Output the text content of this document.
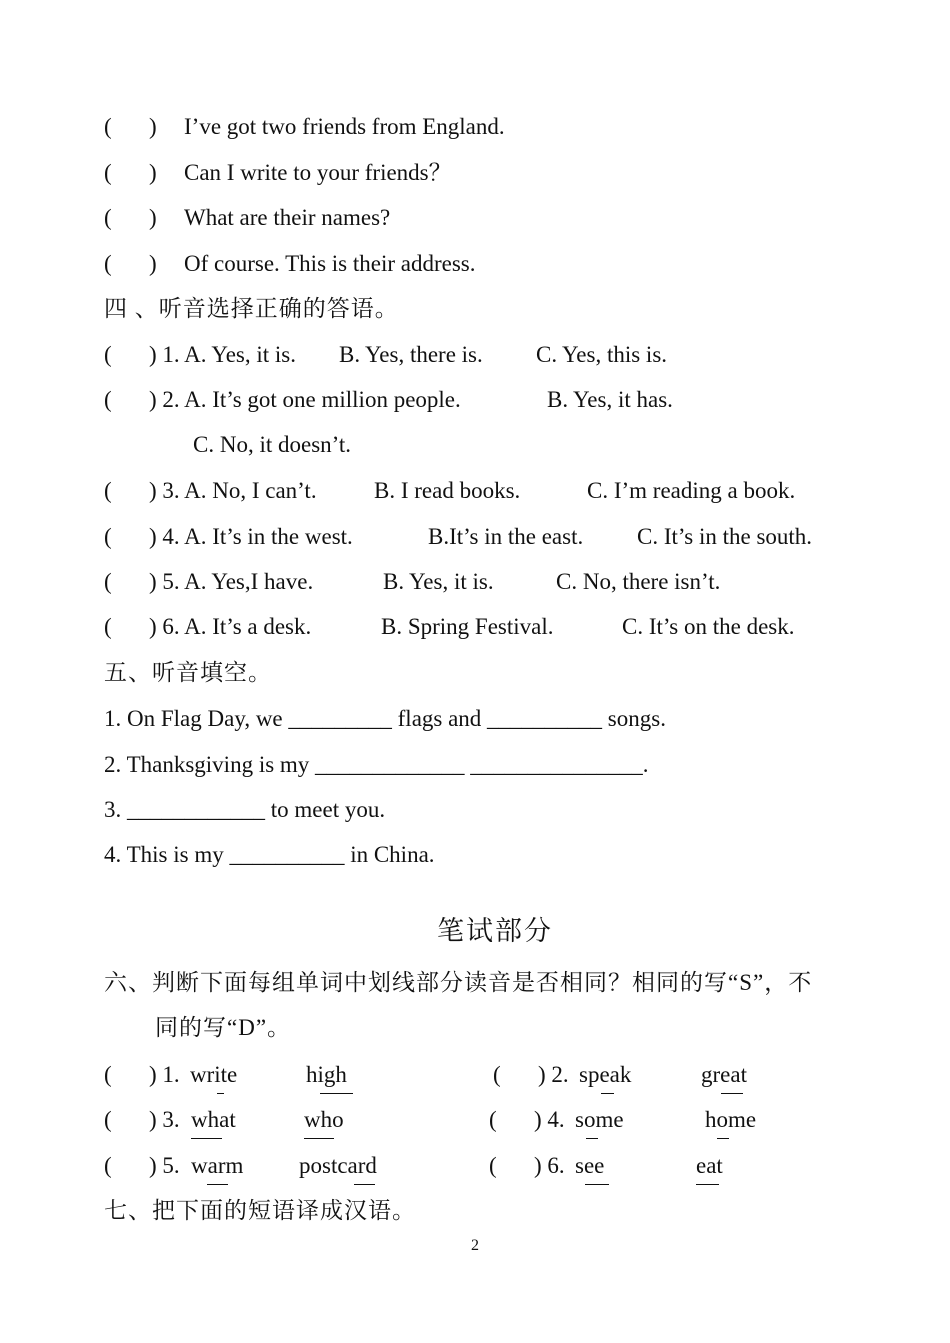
( ) I’ve got two friends from England.
( ) Can I write to your friends？
( ) What are their names?
( ) Of course. This is their address.
四 、听音选择正确的答语。
( ) 1. A. Yes, it is. B. Yes, there is. C. Yes, this is.
( ) 2. A. It’s got one million people.	B. Yes, it has.
C. No, it doesn’t.
( ) 3. A. No, I can’t. B. I read books.	C. I’m reading a book.
( ) 4. A. It’s in the west.	B.It’s in the east. C. It’s in the south.
( ) 5. A. Yes,I have.	B. Yes, it is.	C. No, there isn’t.
( ) 6. A. It’s a desk.	B. Spring Festival.	C. It’s on the desk.
五、听音填空。
1. On Flag Day, we _________ flags and __________ songs.
2. Thanksgiving is my _____________ _______________.
3. ____________ to meet you.
4. This is my __________ in China.
笔试部分
六、判断下面每组单词中划线部分读音是否相同？相同的写“S”，不
同的写“D”。
( ) 1. write	high	( ) 2. speak	great
( ) 3. what	who	( ) 4. some	home
( ) 5. warm postcard	( ) 6. see	eat
七、把下面的短语译成汉语。
2
